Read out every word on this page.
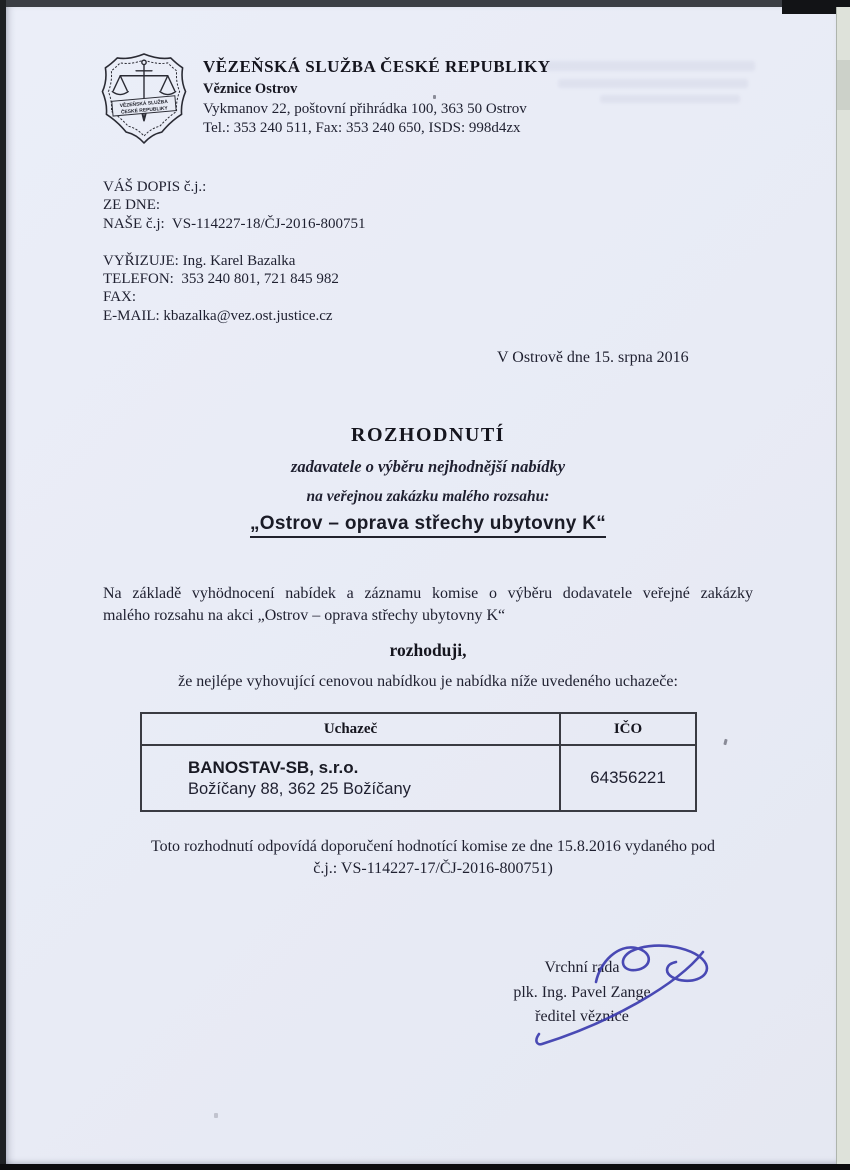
VĚZEŇSKÁ SLUŽBA
ČESKÉ REPUBLIKY
VĚZEŇSKÁ SLUŽBA ČESKÉ REPUBLIKY
Věznice Ostrov
Vykmanov 22, poštovní přihrádka 100, 363 50 Ostrov
Tel.: 353 240 511, Fax: 353 240 650, ISDS: 998d4zx
VÁŠ DOPIS č.j.:
ZE DNE:
NAŠE č.j:  VS-114227-18/ČJ-2016-800751
VYŘIZUJE: Ing. Karel Bazalka
TELEFON:  353 240 801, 721 845 982
FAX:
E-MAIL: kbazalka@vez.ost.justice.cz
V Ostrově dne 15. srpna 2016
ROZHODNUTÍ
zadavatele o výběru nejhodnější nabídky
na veřejnou zakázku malého rozsahu:
„Ostrov – oprava střechy ubytovny K“
Na základě vyhödnocení nabídek a záznamu komise o výběru dodavatele veřejné zakázky
malého rozsahu na akci „Ostrov – oprava střechy ubytovny K“
rozhoduji,
že nejlépe vyhovující cenovou nabídkou je nabídka níže uvedeného uchazeče:
Uchazeč	IČO

BANOSTAV-SB, s.r.o.
Božíčany 88, 362 25 Božíčany	64356221
Toto rozhodnutí odpovídá doporučení hodnotící komise ze dne 15.8.2016 vydaného pod
č.j.: VS-114227-17/ČJ-2016-800751)
Vrchní rada
plk. Ing. Pavel Zange
ředitel věznice
